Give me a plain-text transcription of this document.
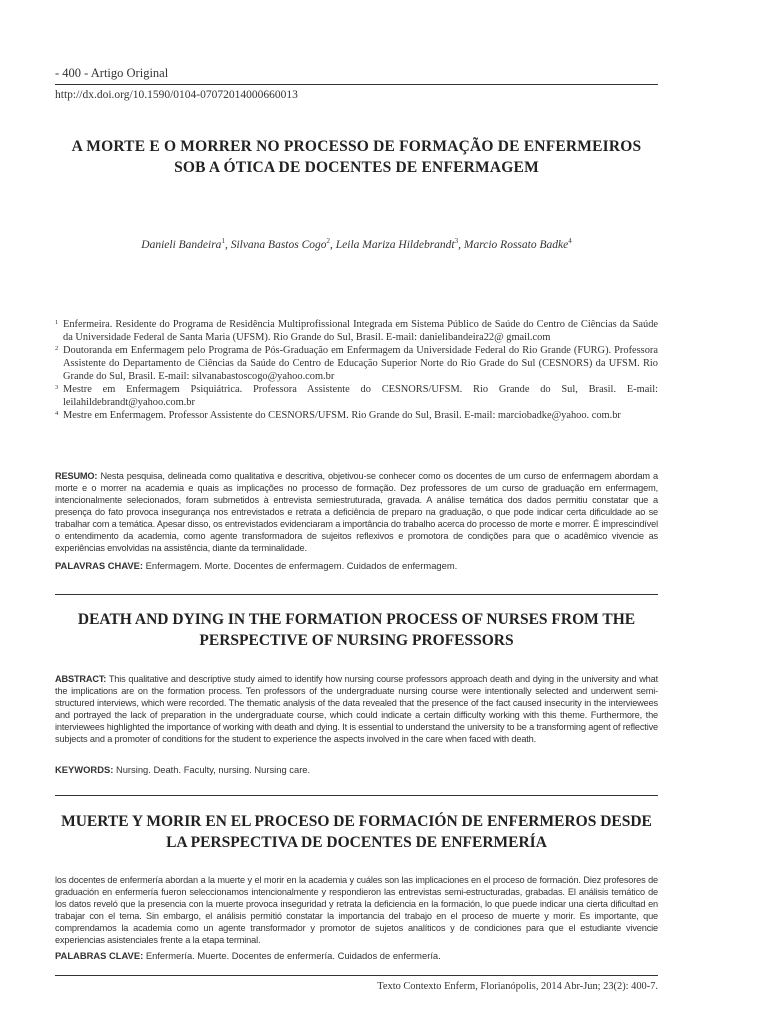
- 400 - Artigo Original
http://dx.doi.org/10.1590/0104-07072014000660013
A MORTE E O MORRER NO PROCESSO DE FORMAÇÃO DE ENFERMEIROS SOB A ÓTICA DE DOCENTES DE ENFERMAGEM
Danieli Bandeira$^1$, Silvana Bastos Cogo$^2$, Leila Mariza Hildebrandt$^3$, Marcio Rossato Badke$^4$
1 Enfermeira. Residente do Programa de Residência Multiprofissional Integrada em Sistema Público de Saúde do Centro de Ciências da Saúde da Universidade Federal de Santa Maria (UFSM). Rio Grande do Sul, Brasil. E-mail: danielibandeira22@ gmail.com
2 Doutoranda em Enfermagem pelo Programa de Pós-Graduação em Enfermagem da Universidade Federal do Rio Grande (FURG). Professora Assistente do Departamento de Ciências da Saúde do Centro de Educação Superior Norte do Rio Grade do Sul (CESNORS) da UFSM. Rio Grande do Sul, Brasil. E-mail: silvanabastoscogo@yahoo.com.br
3 Mestre em Enfermagem Psiquiátrica. Professora Assistente do CESNORS/UFSM. Rio Grande do Sul, Brasil. E-mail: leilahildebrandt@yahoo.com.br
4 Mestre em Enfermagem. Professor Assistente do CESNORS/UFSM. Rio Grande do Sul, Brasil. E-mail: marciobadke@yahoo. com.br
RESUMO: Nesta pesquisa, delineada como qualitativa e descritiva, objetivou-se conhecer como os docentes de um curso de enfermagem abordam a morte e o morrer na academia e quais as implicações no processo de formação. Dez professores de um curso de graduação em enfermagem, intencionalmente selecionados, foram submetidos à entrevista semiestruturada, gravada. A análise temática dos dados permitiu constatar que a presença do fato provoca insegurança nos entrevistados e retrata a deficiência de preparo na graduação, o que pode indicar certa dificuldade ao se trabalhar com a temática. Apesar disso, os entrevistados evidenciaram a importância do trabalho acerca do processo de morte e morrer. É imprescindível o entendimento da academia, como agente transformadora de sujeitos reflexivos e promotora de condições para que o acadêmico vivencie as experiências envolvidas na assistência, diante da terminalidade.
PALAVRAS CHAVE: Enfermagem. Morte. Docentes de enfermagem. Cuidados de enfermagem.
DEATH AND DYING IN THE FORMATION PROCESS OF NURSES FROM THE PERSPECTIVE OF NURSING PROFESSORS
ABSTRACT: This qualitative and descriptive study aimed to identify how nursing course professors approach death and dying in the university and what the implications are on the formation process. Ten professors of the undergraduate nursing course were intentionally selected and underwent semi-structured interviews, which were recorded. The thematic analysis of the data revealed that the presence of the fact caused insecurity in the interviewees and portrayed the lack of preparation in the undergraduate course, which could indicate a certain difficulty working with this theme. Furthermore, the interviewees highlighted the importance of working with death and dying. It is essential to understand the university to be a transforming agent of reflective subjects and a promoter of conditions for the student to experience the aspects involved in the care when faced with death.
KEYWORDS: Nursing. Death. Faculty, nursing. Nursing care.
MUERTE Y MORIR EN EL PROCESO DE FORMACIÓN DE ENFERMEROS DESDE LA PERSPECTIVA DE DOCENTES DE ENFERMERÍA
los docentes de enfermería abordan a la muerte y el morir en la academia y cuáles son las implicaciones en el proceso de formación. Diez profesores de graduación en enfermería fueron seleccionamos intencionalmente y respondieron las entrevistas semi-estructuradas, grabadas. El análisis temático de los datos reveló que la presencia con la muerte provoca inseguridad y retrata la deficiencia en la formación, lo que puede indicar una cierta dificultad en trabajar con el tema. Sin embargo, el análisis permitió constatar la importancia del trabajo en el proceso de muerte y morir. Es importante, que comprendamos la academia como un agente transformador y promotor de sujetos analíticos y de condiciones para que el estudiante vivencie experiencias asistenciales frente a la etapa terminal.
PALABRAS CLAVE: Enfermería. Muerte. Docentes de enfermería. Cuidados de enfermería.
Texto Contexto Enferm, Florianópolis, 2014 Abr-Jun; 23(2): 400-7.
